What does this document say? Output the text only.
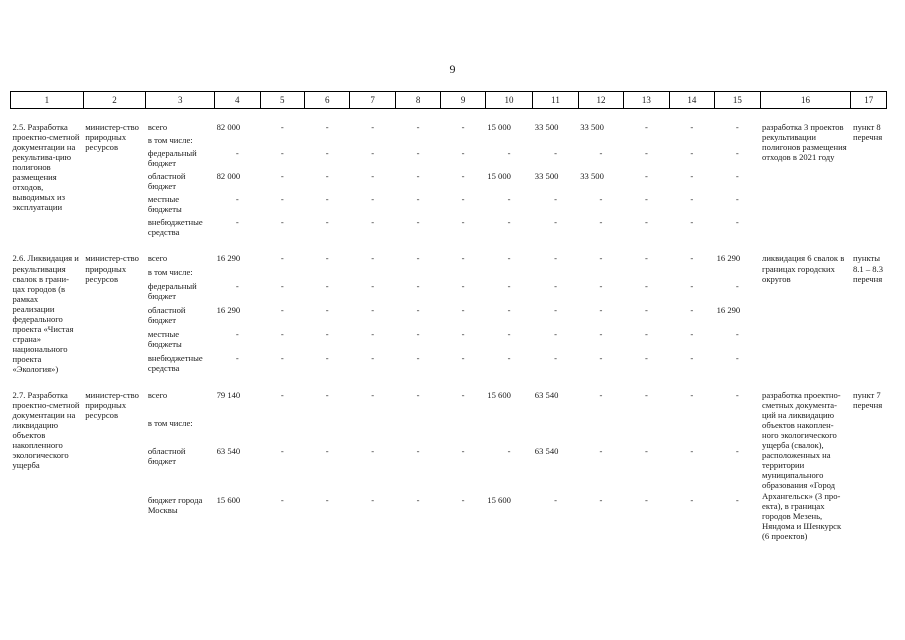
9
1	2	3	4	5	6	7	8	9	10	11	12	13	14	15	16	17

2.5. Разработка проектно-сметной документации на рекультива-цию полигонов размещения отходов, выводимых из эксплуатации	министер-ство природных ресурсов	всего	82 000	-	-	-	-	-	15 000	33 500	33 500	-	-	-	разработка 3 проектов рекультивации полигонов размещения отходов в 2021 году	пункт 8 перечня
		в том числе:														
		федеральный бюджет	-	-	-	-	-	-	-	-	-	-	-	-		
		областной бюджет	82 000	-	-	-	-	-	15 000	33 500	33 500	-	-	-		
		местные бюджеты	-	-	-	-	-	-	-	-	-	-	-	-		
		внебюджетные средства	-	-	-	-	-	-	-	-	-	-	-	-		

2.6. Ликвидация и рекультивация свалок в грани-цах городов (в рамках реализации федерального проекта «Чистая страна» национального проекта «Экология»)	министер-ство природных ресурсов	всего	16 290	-	-	-	-	-	-	-	-	-	-	16 290	ликвидация 6 свалок в границах городских округов	пункты 8.1 – 8.3 перечня
		в том числе:														
		федеральный бюджет	-	-	-	-	-	-	-	-	-	-	-	-		
		областной бюджет	16 290	-	-	-	-	-	-	-	-	-	-	16 290		
		местные бюджеты	-	-	-	-	-	-	-	-	-	-	-	-		
		внебюджетные средства	-	-	-	-	-	-	-	-	-	-	-	-		

2.7. Разработка проектно-сметной документации на ликвидацию объектов накопленного экологического ущерба	министер-ство природных ресурсов	всего	79 140	-	-	-	-	-	15 600	63 540	-	-	-	-	разработка проектно-сметных документа-ций на ликвидацию объектов накоплен-ного экологического ущерба (свалок), расположенных на территории муниципального образования «Город Архангельск» (3 про-екта), в границах городов Мезень, Няндома и Шенкурск (6 проектов)	пункт 7 перечня
		в том числе:														
		областной бюджет	63 540	-	-	-	-	-	-	63 540	-	-	-	-		
		бюджет города Москвы	15 600	-	-	-	-	-	15 600	-	-	-	-	-		
